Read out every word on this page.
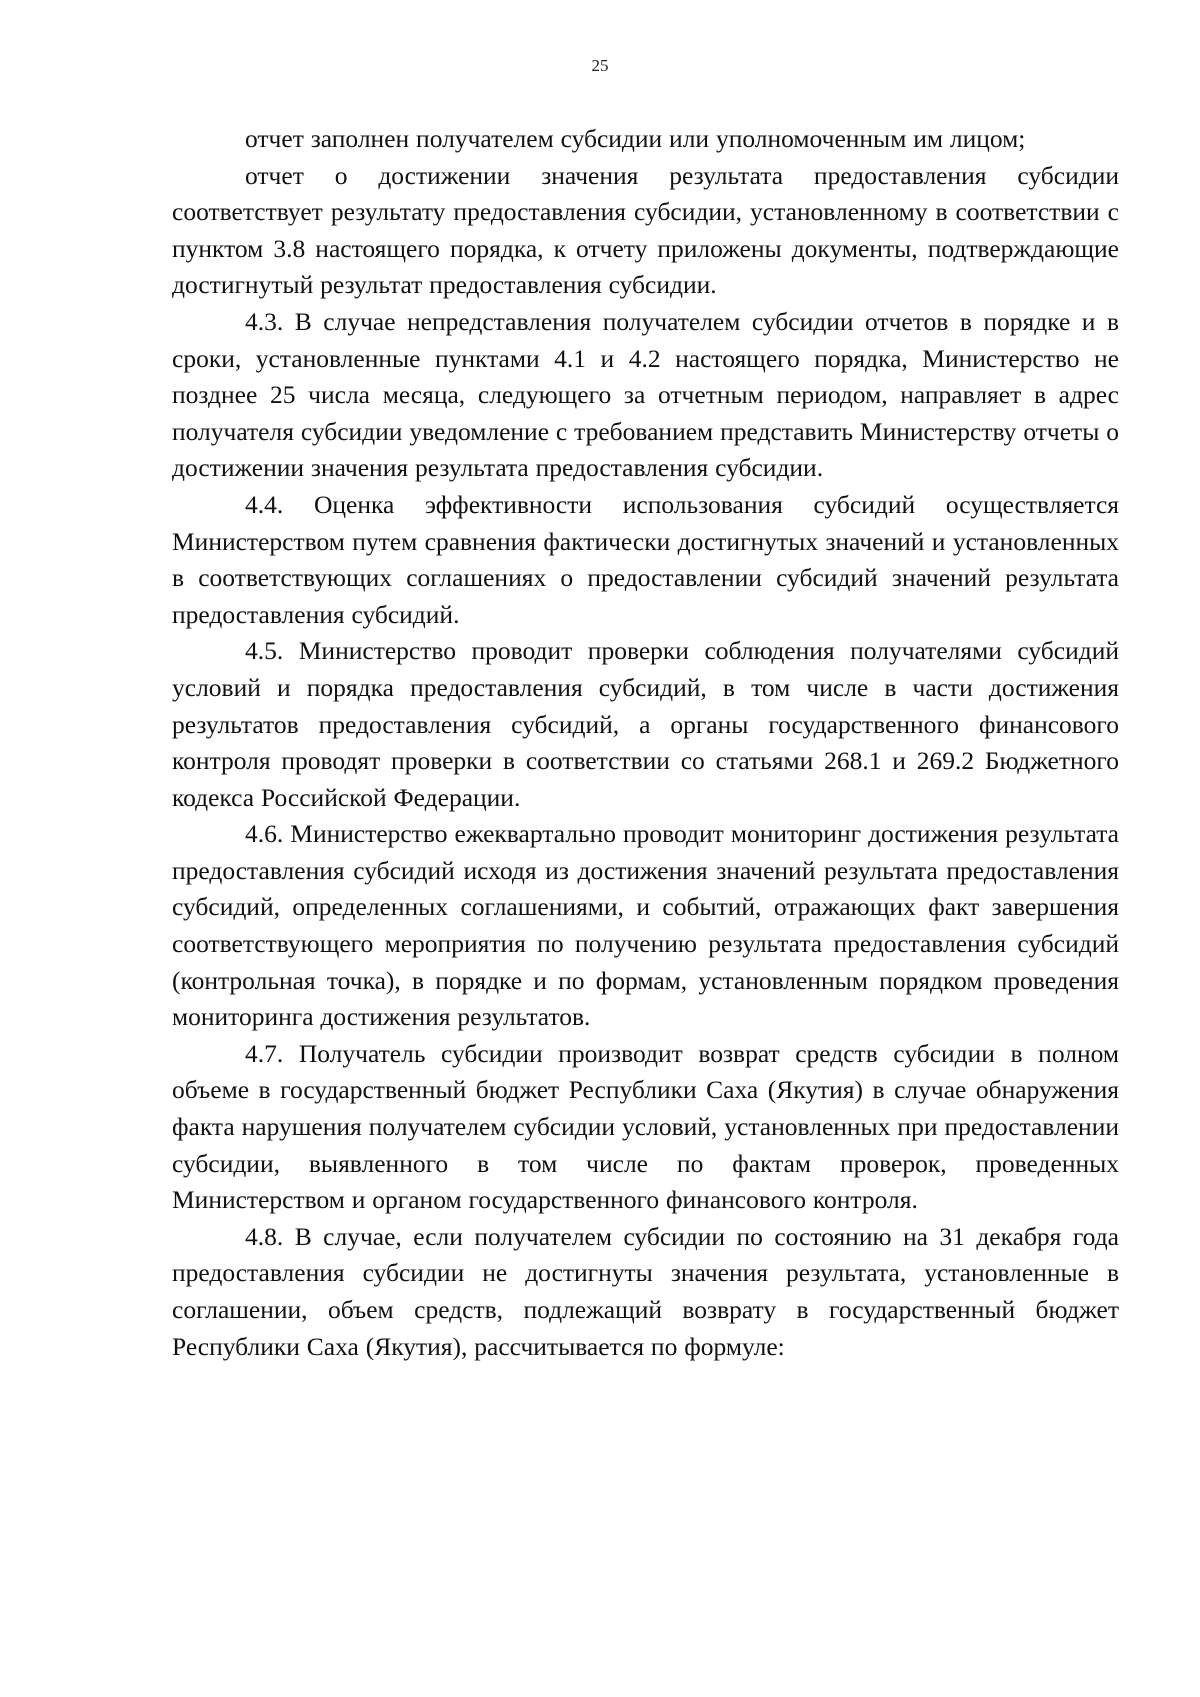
25

отчет заполнен получателем субсидии или уполномоченным им лицом;

отчет о достижении значения результата предоставления субсидии соответствует результату предоставления субсидии, установленному в соответствии с пунктом 3.8 настоящего порядка, к отчету приложены документы, подтверждающие достигнутый результат предоставления субсидии.

4.3. В случае непредставления получателем субсидии отчетов в порядке и в сроки, установленные пунктами 4.1 и 4.2 настоящего порядка, Министерство не позднее 25 числа месяца, следующего за отчетным периодом, направляет в адрес получателя субсидии уведомление с требованием представить Министерству отчеты о достижении значения результата предоставления субсидии.

4.4. Оценка эффективности использования субсидий осуществляется Министерством путем сравнения фактически достигнутых значений и установленных в соответствующих соглашениях о предоставлении субсидий значений результата предоставления субсидий.

4.5. Министерство проводит проверки соблюдения получателями субсидий условий и порядка предоставления субсидий, в том числе в части достижения результатов предоставления субсидий, а органы государственного финансового контроля проводят проверки в соответствии со статьями 268.1 и 269.2 Бюджетного кодекса Российской Федерации.

4.6. Министерство ежеквартально проводит мониторинг достижения результата предоставления субсидий исходя из достижения значений результата предоставления субсидий, определенных соглашениями, и событий, отражающих факт завершения соответствующего мероприятия по получению результата предоставления субсидий (контрольная точка), в порядке и по формам, установленным порядком проведения мониторинга достижения результатов.

4.7. Получатель субсидии производит возврат средств субсидии в полном объеме в государственный бюджет Республики Саха (Якутия) в случае обнаружения факта нарушения получателем субсидии условий, установленных при предоставлении субсидии, выявленного в том числе по фактам проверок, проведенных Министерством и органом государственного финансового контроля.

4.8. В случае, если получателем субсидии по состоянию на 31 декабря года предоставления субсидии не достигнуты значения результата, установленные в соглашении, объем средств, подлежащий возврату в государственный бюджет Республики Саха (Якутия), рассчитывается по формуле:
